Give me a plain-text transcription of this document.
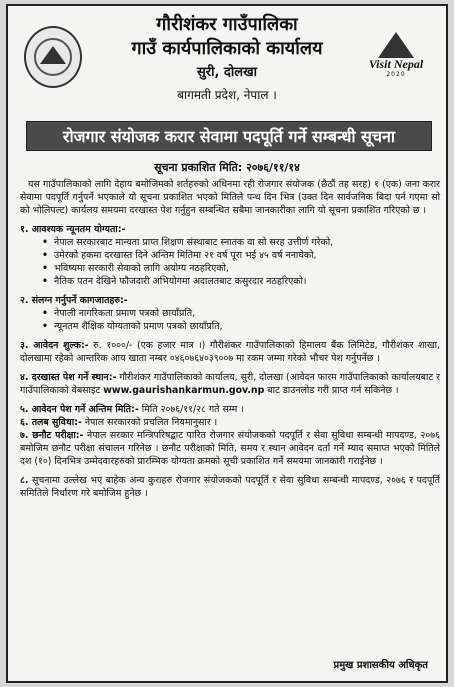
गौरीशंकर गाउँपालिका
गाउँ कार्यपालिकाको कार्यालय
सुरी, दोलखा
बागमती प्रदेश, नेपाल ।
Visit Nepal
2020
रोजगार संयोजक करार सेवामा पदपूर्ति गर्ने सम्बन्धी सूचना
सूचना प्रकाशित मिति: २०७६/११/१४

यस गाउँपालिकाको लागि देहाय बमोजिमको शर्तहरुको अधिनमा रही रोजगार संयोजक (छैठौं तह सरह) १ (एक) जना करार सेवामा पदपूर्ति गर्नुपर्ने भएकाले यो सूचना प्रकाशित भएको मितिले पन्ध दिन भित्र (उक्त दिन सार्वजनिक बिदा पर्न गएमा सो को भोलिपल्ट) कार्यलय समयमा दरखास्त पेश गर्नुहुन सम्बन्धित सबैमा जानकारीका लागि यो सूचना प्रकाशित गरिएको छ ।

१. आवश्यक न्यूनतम योग्यता:-
• नेपाल सरकारबाट मान्यता प्राप्त शिक्षण संस्थाबाट स्नातक वा सो सरह उत्तीर्ण गरेको,
• उमेरको हकमा दरखास्त दिने अन्तिम मितिमा २१ वर्ष पूरा भई ४५ वर्ष ननाघेको,
• भविष्यमा सरकारी सेवाको लागि अयोग्य नठहरिएको,
• नैतिक पतन देखिने फौजदारी अभियोगमा अदालतबाट कसुरदार नठहरिएको।
२. संलग्न गर्नुपर्ने कागजातहरु:-
• नेपाली नागरिकता प्रमाण पत्रको छायाँप्रति,
• न्यूनतम शैक्षिक योग्यताको प्रमाण पत्रको छायाँप्रति,

३. आवेदन शुल्क:- रु. १०००/- (एक हजार मात्र ।) गौरीशंकर गाउँपालिकाको हिमालय बैंक लिमिटेड, गौरीशंकर शाखा, दोलखामा रहेको आन्तरिक आय खाता नम्बर ०४६०७६४०३९००७ मा रकम जम्मा गरेको भौचर पेश गर्नुपर्नेछ ।

४. दरखास्त पेश गर्ने स्थान:- गौरीशंकर गाउँपालिकाको कार्यालय, सुरी, दोलखा (आवेदन फारम गाउँपालिकाको कार्यालयबाट र गाउँपालिकाको वेबसाइट www.gaurishankarmun.gov.np बाट डाउनलोड गरी प्राप्त गर्न सकिनेछ ।

५. आवेदन पेश गर्ने अन्तिम मिति:- मिति २०७६/११/२८ गते सम्म ।

६. तलब सुविधा:- नेपाल सरकारको प्रचलित नियमानुसार ।

७. छनौट परीक्षा:- नेपाल सरकार मन्त्रिपरिषद्बाट पारित रोजगार संयोजकको पदपूर्ति र सेवा सुविधा सम्बन्धी मापदण्ड, २०७६ बमोजिम छनौट परीक्षा संचालन गरिनेछ । छनौट परीक्षाको मिति, समय र स्थान आवेदन दर्ता गर्ने म्याद समाप्त भएको मितिले दश (१०) दिनभित्र उम्मेदवारहरुको प्रारम्भिक योग्यता क्रमको सूची प्रकाशित गर्ने समयमा जानकारी गराईनेछ ।

८. सूचनामा उल्लेख भए बाहेक अन्य कुराहरु रोजगार संयोजकको पदपूर्ति र सेवा सुविधा सम्बन्धी मापदण्ड, २०७६ र पदपूर्ति समितिले निर्धारण गरे बमोजिम हुनेछ ।

प्रमुख प्रशासकीय अधिकृत
